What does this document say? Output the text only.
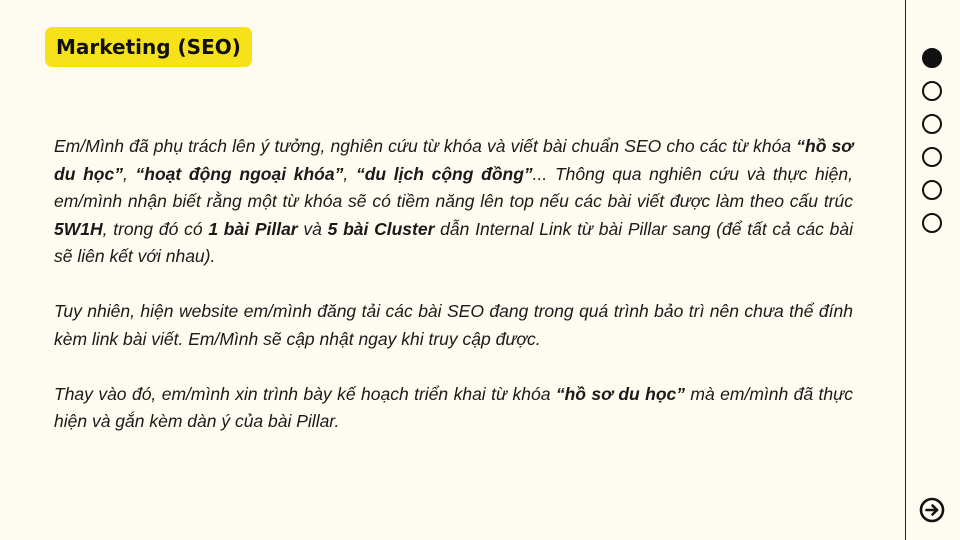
Marketing (SEO)

Em/Mình đã phụ trách lên ý tưởng, nghiên cứu từ khóa và viết bài chuẩn SEO cho các từ khóa “hồ sơ du học”, “hoạt động ngoại khóa”, “du lịch cộng đồng”... Thông qua nghiên cứu và thực hiện, em/mình nhận biết rằng một từ khóa sẽ có tiềm năng lên top nếu các bài viết được làm theo cấu trúc 5W1H, trong đó có 1 bài Pillar và 5 bài Cluster dẫn Internal Link từ bài Pillar sang (để tất cả các bài sẽ liên kết với nhau).

Tuy nhiên, hiện website em/mình đăng tải các bài SEO đang trong quá trình bảo trì nên chưa thể đính kèm link bài viết. Em/Mình sẽ cập nhật ngay khi truy cập được.

Thay vào đó, em/mình xin trình bày kế hoạch triển khai từ khóa “hồ sơ du học” mà em/mình đã thực hiện và gắn kèm dàn ý của bài Pillar.
